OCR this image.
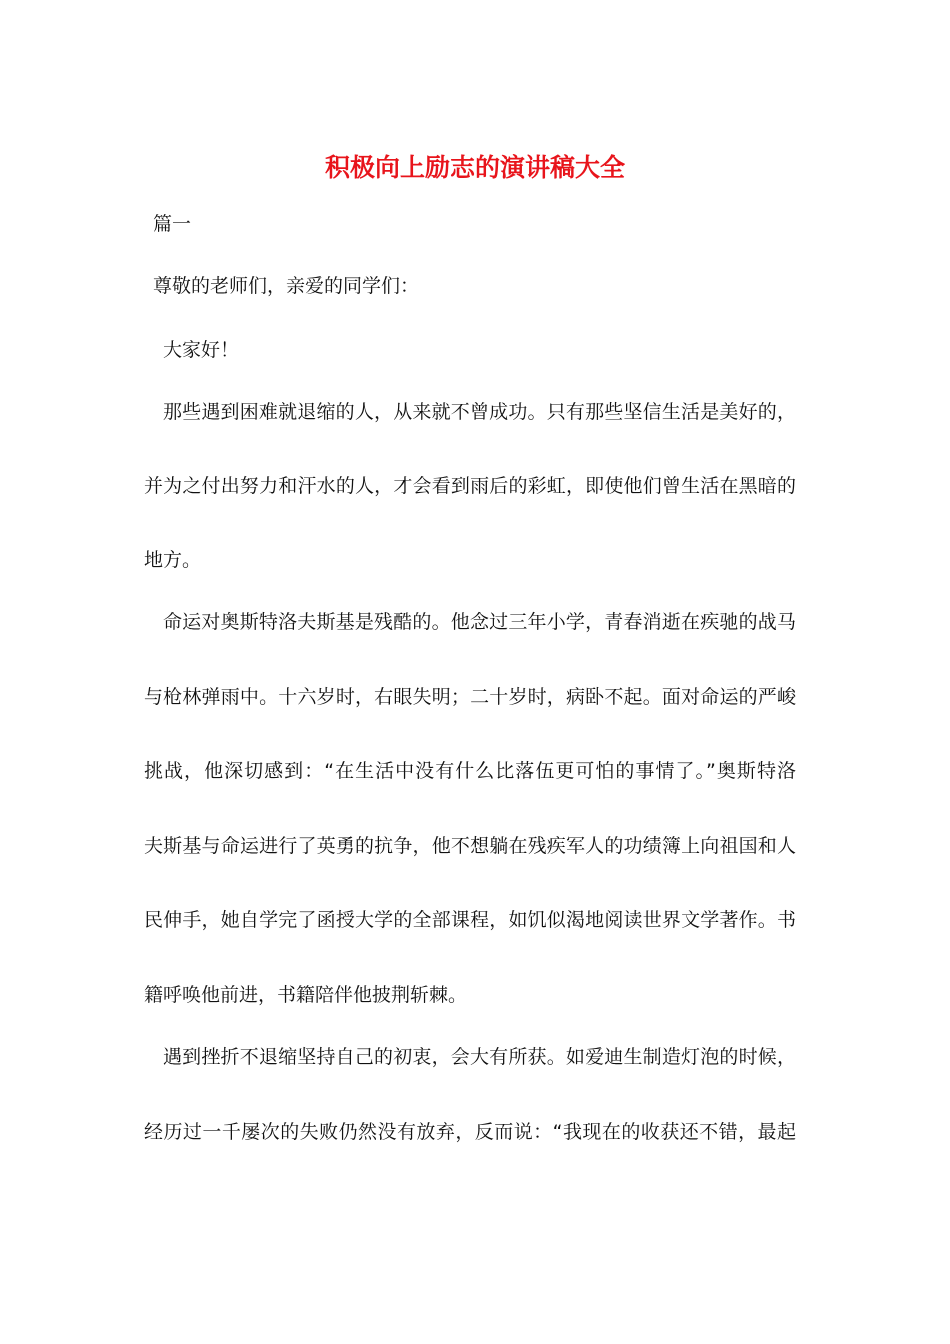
积极向上励志的演讲稿大全

篇一

尊敬的老师们，亲爱的同学们：

大家好！

那些遇到困难就退缩的人，从来就不曾成功。只有那些坚信生活是美好的，

并为之付出努力和汗水的人，才会看到雨后的彩虹，即使他们曾生活在黑暗的

地方。

命运对奥斯特洛夫斯基是残酷的。他念过三年小学，青春消逝在疾驰的战马

与枪林弹雨中。十六岁时，右眼失明；二十岁时，病卧不起。面对命运的严峻

挑战，他深切感到：“在生活中没有什么比落伍更可怕的事情了。”奥斯特洛

夫斯基与命运进行了英勇的抗争，他不想躺在残疾军人的功绩簿上向祖国和人

民伸手，她自学完了函授大学的全部课程，如饥似渴地阅读世界文学著作。书

籍呼唤他前进，书籍陪伴他披荆斩棘。

遇到挫折不退缩坚持自己的初衷，会大有所获。如爱迪生制造灯泡的时候，

经历过一千屡次的失败仍然没有放弃，反而说：“我现在的收获还不错，最起
